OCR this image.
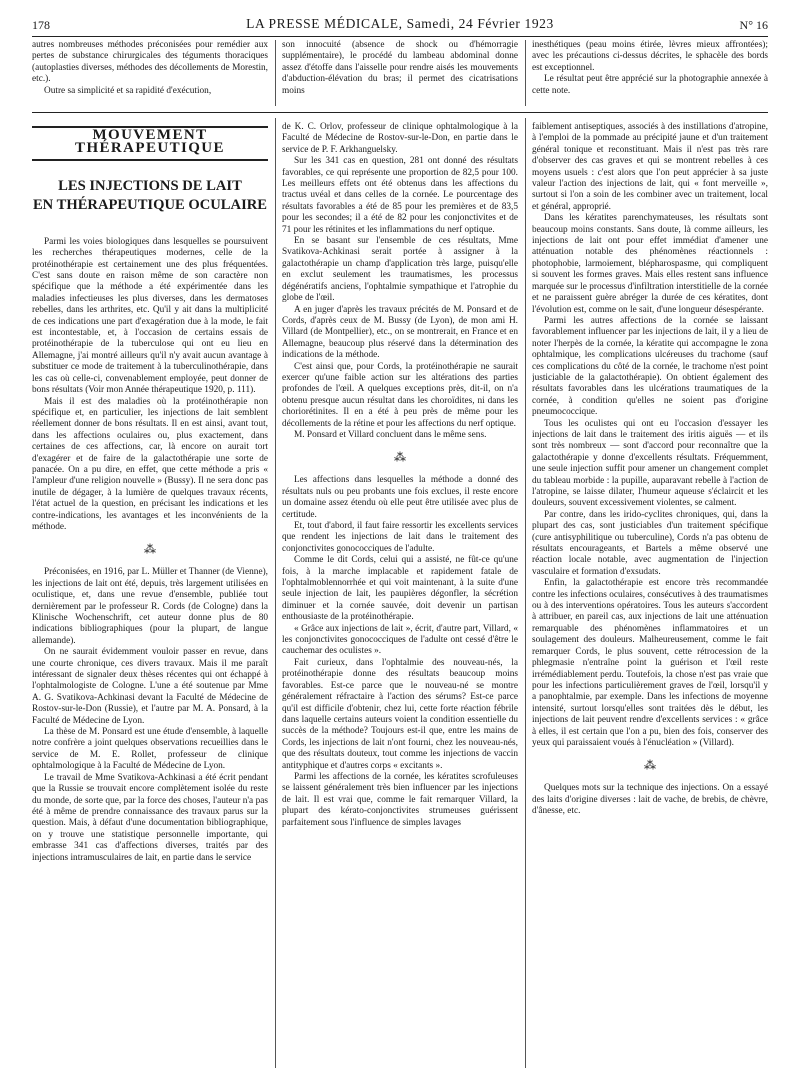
178	LA PRESSE MÉDICALE, Samedi, 24 Février 1923	N° 16

autres nombreuses méthodes préconisées pour remédier aux pertes de substance chirurgicales des téguments thoraciques (autoplasties diverses, méthodes des décollements de Morestin, etc.).

Outre sa simplicité et sa rapidité d'exécution,

son innocuité (absence de shock ou d'hémorragie supplémentaire), le procédé du lambeau abdominal donne assez d'étoffe dans l'aisselle pour rendre aisés les mouvements d'abduction-élévation du bras; il permet des cicatrisations moins

inesthétiques (peau moins étirée, lèvres mieux affrontées); avec les précautions ci-dessus décrites, le sphacèle des bords est exceptionnel.

Le résultat peut être apprécié sur la photographie annexée à cette note.

MOUVEMENT THÉRAPEUTIQUE
LES INJECTIONS DE LAIT
EN THÉRAPEUTIQUE OCULAIRE

Parmi les voies biologiques dans lesquelles se poursuivent les recherches thérapeutiques modernes, celle de la protéinothérapie est certainement une des plus fréquentées. C'est sans doute en raison même de son caractère non spécifique que la méthode a été expérimentée dans les maladies infectieuses les plus diverses, dans les dermatoses rebelles, dans les arthrites, etc. Qu'il y ait dans la multiplicité de ces indications une part d'exagération due à la mode, le fait est incontestable, et, à l'occasion de certains essais de protéinothérapie de la tuberculose qui ont eu lieu en Allemagne, j'ai montré ailleurs qu'il n'y avait aucun avantage à substituer ce mode de traitement à la tuberculinothérapie, dans les cas où celle-ci, convenablement employée, peut donner de bons résultats (Voir mon Année thérapeutique 1920, p. 111).

Mais il est des maladies où la protéinothérapie non spécifique et, en particulier, les injections de lait semblent réellement donner de bons résultats. Il en est ainsi, avant tout, dans les affections oculaires ou, plus exactement, dans certaines de ces affections, car, là encore on aurait tort d'exagérer et de faire de la galactothérapie une sorte de panacée. On a pu dire, en effet, que cette méthode a pris « l'ampleur d'une religion nouvelle » (Bussy). Il ne sera donc pas inutile de dégager, à la lumière de quelques travaux récents, l'état actuel de la question, en précisant les indications et les contre-indications, les avantages et les inconvénients de la méthode.

⁂

Préconisées, en 1916, par L. Müller et Thanner (de Vienne), les injections de lait ont été, depuis, très largement utilisées en oculistique, et, dans une revue d'ensemble, publiée tout dernièrement par le professeur R. Cords (de Cologne) dans la Klinische Wochenschrift, cet auteur donne plus de 80 indications bibliographiques (pour la plupart, de langue allemande).

On ne saurait évidemment vouloir passer en revue, dans une courte chronique, ces divers travaux. Mais il me paraît intéressant de signaler deux thèses récentes qui ont échappé à l'ophtalmologiste de Cologne. L'une a été soutenue par Mme A. G. Svatikova-Achkinasi devant la Faculté de Médecine de Rostov-sur-le-Don (Russie), et l'autre par M. A. Ponsard, à la Faculté de Médecine de Lyon.

La thèse de M. Ponsard est une étude d'ensemble, à laquelle notre confrère a joint quelques observations recueillies dans le service de M. E. Rollet, professeur de clinique ophtalmologique à la Faculté de Médecine de Lyon.

Le travail de Mme Svatikova-Achkinasi a été écrit pendant que la Russie se trouvait encore complètement isolée du reste du monde, de sorte que, par la force des choses, l'auteur n'a pas été à même de prendre connaissance des travaux parus sur la question. Mais, à défaut d'une documentation bibliographique, on y trouve une statistique personnelle importante, qui embrasse 341 cas d'affections diverses, traités par des injections intramusculaires de lait, en partie dans le service

de K. C. Orlov, professeur de clinique ophtalmologique à la Faculté de Médecine de Rostov-sur-le-Don, en partie dans le service de P. F. Arkhanguelsky.

Sur les 341 cas en question, 281 ont donné des résultats favorables, ce qui représente une proportion de 82,5 pour 100. Les meilleurs effets ont été obtenus dans les affections du tractus uvéal et dans celles de la cornée. Le pourcentage des résultats favorables a été de 85 pour les premières et de 83,5 pour les secondes; il a été de 82 pour les conjonctivites et de 71 pour les rétinites et les inflammations du nerf optique.

En se basant sur l'ensemble de ces résultats, Mme Svatikova-Achkinasi serait portée à assigner à la galactothérapie un champ d'application très large, puisqu'elle en exclut seulement les traumatismes, les processus dégénératifs anciens, l'ophtalmie sympathique et l'atrophie du globe de l'œil.

A en juger d'après les travaux précités de M. Ponsard et de Cords, d'après ceux de M. Bussy (de Lyon), de mon ami H. Villard (de Montpellier), etc., on se montrerait, en France et en Allemagne, beaucoup plus réservé dans la détermination des indications de la méthode.

C'est ainsi que, pour Cords, la protéinothérapie ne saurait exercer qu'une faible action sur les altérations des parties profondes de l'œil. A quelques exceptions près, dit-il, on n'a obtenu presque aucun résultat dans les choroïdites, ni dans les choriorétinites. Il en a été à peu près de même pour les décollements de la rétine et pour les affections du nerf optique.

M. Ponsard et Villard concluent dans le même sens.

⁂

Les affections dans lesquelles la méthode a donné des résultats nuls ou peu probants une fois exclues, il reste encore un domaine assez étendu où elle peut être utilisée avec plus de certitude.

Et, tout d'abord, il faut faire ressortir les excellents services que rendent les injections de lait dans le traitement des conjonctivites gonococciques de l'adulte.

Comme le dit Cords, celui qui a assisté, ne fût-ce qu'une fois, à la marche implacable et rapidement fatale de l'ophtalmoblennorrhée et qui voit maintenant, à la suite d'une seule injection de lait, les paupières dégonfler, la sécrétion diminuer et la cornée sauvée, doit devenir un partisan enthousiaste de la protéinothérapie.

« Grâce aux injections de lait », écrit, d'autre part, Villard, « les conjonctivites gonococciques de l'adulte ont cessé d'être le cauchemar des oculistes ».

Fait curieux, dans l'ophtalmie des nouveau-nés, la protéinothérapie donne des résultats beaucoup moins favorables. Est-ce parce que le nouveau-né se montre généralement réfractaire à l'action des sérums? Est-ce parce qu'il est difficile d'obtenir, chez lui, cette forte réaction fébrile dans laquelle certains auteurs voient la condition essentielle du succès de la méthode? Toujours est-il que, entre les mains de Cords, les injections de lait n'ont fourni, chez les nouveau-nés, que des résultats douteux, tout comme les injections de vaccin antityphique et d'autres corps « excitants ».

Parmi les affections de la cornée, les kératites scrofuleuses se laissent généralement très bien influencer par les injections de lait. Il est vrai que, comme le fait remarquer Villard, la plupart des kérato-conjonctivites strumeuses guérissent parfaitement sous l'influence de simples lavages

faiblement antiseptiques, associés à des instillations d'atropine, à l'emploi de la pommade au précipité jaune et d'un traitement général tonique et reconstituant. Mais il n'est pas très rare d'observer des cas graves et qui se montrent rebelles à ces moyens usuels : c'est alors que l'on peut apprécier à sa juste valeur l'action des injections de lait, qui « font merveille », surtout si l'on a soin de les combiner avec un traitement, local et général, approprié.

Dans les kératites parenchymateuses, les résultats sont beaucoup moins constants. Sans doute, là comme ailleurs, les injections de lait ont pour effet immédiat d'amener une atténuation notable des phénomènes réactionnels : photophobie, larmoiement, blépharospasme, qui compliquent si souvent les formes graves. Mais elles restent sans influence marquée sur le processus d'infiltration interstitielle de la cornée et ne paraissent guère abréger la durée de ces kératites, dont l'évolution est, comme on le sait, d'une longueur désespérante.

Parmi les autres affections de la cornée se laissant favorablement influencer par les injections de lait, il y a lieu de noter l'herpès de la cornée, la kératite qui accompagne le zona ophtalmique, les complications ulcéreuses du trachome (sauf ces complications du côté de la cornée, le trachome n'est point justiciable de la galactothérapie). On obtient également des résultats favorables dans les ulcérations traumatiques de la cornée, à condition qu'elles ne soient pas d'origine pneumococcique.

Tous les oculistes qui ont eu l'occasion d'essayer les injections de lait dans le traitement des iritis aiguës — et ils sont très nombreux — sont d'accord pour reconnaître que la galactothérapie y donne d'excellents résultats. Fréquemment, une seule injection suffit pour amener un changement complet du tableau morbide : la pupille, auparavant rebelle à l'action de l'atropine, se laisse dilater, l'humeur aqueuse s'éclaircit et les douleurs, souvent excessivement violentes, se calment.

Par contre, dans les irido-cyclites chroniques, qui, dans la plupart des cas, sont justiciables d'un traitement spécifique (cure antisyphilitique ou tuberculine), Cords n'a pas obtenu de résultats encourageants, et Bartels a même observé une réaction locale notable, avec augmentation de l'injection vasculaire et formation d'exsudats.

Enfin, la galactothérapie est encore très recommandée contre les infections oculaires, consécutives à des traumatismes ou à des interventions opératoires. Tous les auteurs s'accordent à attribuer, en pareil cas, aux injections de lait une atténuation remarquable des phénomènes inflammatoires et un soulagement des douleurs. Malheureusement, comme le fait remarquer Cords, le plus souvent, cette rétrocession de la phlegmasie n'entraîne point la guérison et l'œil reste irrémédiablement perdu. Toutefois, la chose n'est pas vraie que pour les infections particulièrement graves de l'œil, lorsqu'il y a panophtalmie, par exemple. Dans les infections de moyenne intensité, surtout lorsqu'elles sont traitées dès le début, les injections de lait peuvent rendre d'excellents services : « grâce à elles, il est certain que l'on a pu, bien des fois, conserver des yeux qui paraissaient voués à l'énucléation » (Villard).

⁂

Quelques mots sur la technique des injections. On a essayé des laits d'origine diverses : lait de vache, de brebis, de chèvre, d'ânesse, etc.
